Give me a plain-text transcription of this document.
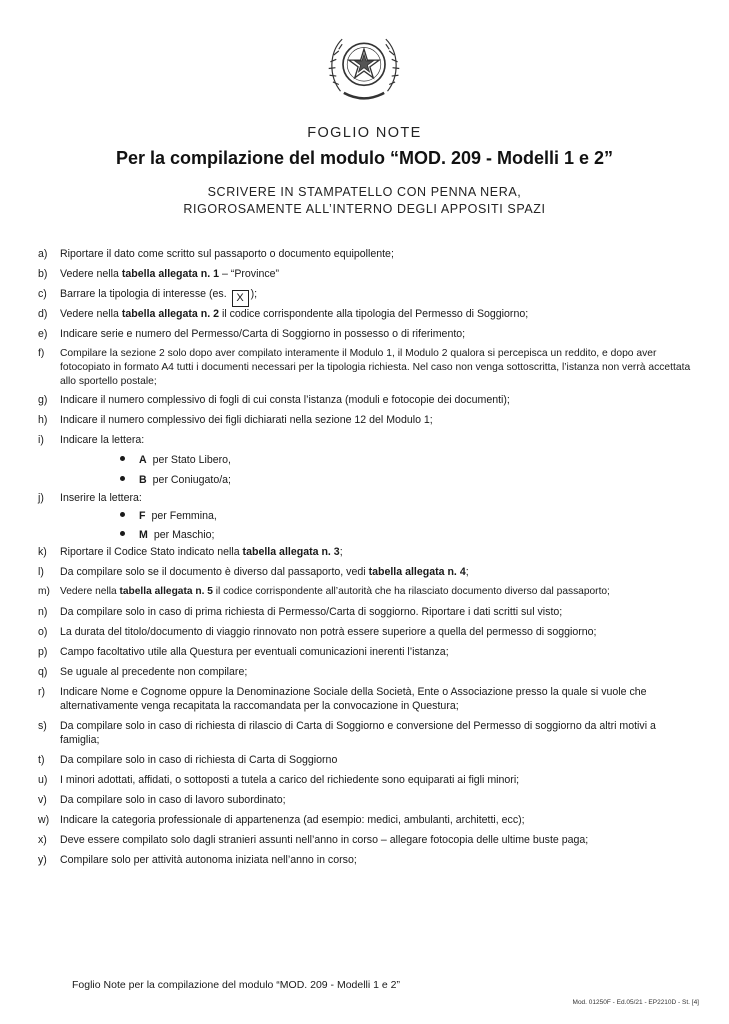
FOGLIO NOTE
Per la compilazione del modulo “MOD. 209 - Modelli 1 e 2”
SCRIVERE IN STAMPATELLO CON PENNA NERA,
RIGOROSAMENTE ALL’INTERNO DEGLI APPOSITI SPAZI
a) Riportare il dato come scritto sul passaporto o documento equipollente;
b) Vedere nella tabella allegata n. 1 – “Province”
c) Barrare la tipologia di interesse (es. X );
d) Vedere nella tabella allegata n. 2 il codice corrispondente alla tipologia del Permesso di Soggiorno;
e) Indicare serie e numero del Permesso/Carta di Soggiorno in possesso o di riferimento;
f) Compilare la sezione 2 solo dopo aver compilato interamente il Modulo 1, il Modulo 2 qualora si percepisca un reddito, e dopo aver fotocopiato in formato A4 tutti i documenti necessari per la tipologia richiesta. Nel caso non venga sottoscritta, l’istanza non verrà accettata allo sportello postale;
g) Indicare il numero complessivo di fogli di cui consta l’istanza (moduli e fotocopie dei documenti);
h) Indicare il numero complessivo dei figli dichiarati nella sezione 12 del Modulo 1;
i) Indicare la lettera:
A per Stato Libero,
B per Coniugato/a;
j) Inserire la lettera:
F per Femmina,
M per Maschio;
k) Riportare il Codice Stato indicato nella tabella allegata n. 3;
l) Da compilare solo se il documento è diverso dal passaporto, vedi tabella allegata n. 4;
m) Vedere nella tabella allegata n. 5 il codice corrispondente all’autorità che ha rilasciato documento diverso dal passaporto;
n) Da compilare solo in caso di prima richiesta di Permesso/Carta di soggiorno. Riportare i dati scritti sul visto;
o) La durata del titolo/documento di viaggio rinnovato non potrà essere superiore a quella del permesso di soggiorno;
p) Campo facoltativo utile alla Questura per eventuali comunicazioni inerenti l’istanza;
q) Se uguale al precedente non compilare;
r) Indicare Nome e Cognome oppure la Denominazione Sociale della Società, Ente o Associazione presso la quale si vuole che alternativamente venga recapitata la raccomandata per la convocazione in Questura;
s) Da compilare solo in caso di richiesta di rilascio di Carta di Soggiorno e conversione del Permesso di soggiorno da altri motivi a famiglia;
t) Da compilare solo in caso di richiesta di Carta di Soggiorno
u) I minori adottati, affidati, o sottoposti a tutela a carico del richiedente sono equiparati ai figli minori;
v) Da compilare solo in caso di lavoro subordinato;
w) Indicare la categoria professionale di appartenenza (ad esempio: medici, ambulanti, architetti, ecc);
x) Deve essere compilato solo dagli stranieri assunti nell’anno in corso – allegare fotocopia delle ultime buste paga;
y) Compilare solo per attività autonoma iniziata nell’anno in corso;
Foglio Note per la compilazione del modulo “MOD. 209 - Modelli 1 e 2”
Mod. 01250F - Ed.05/21 - EP2210D - St. [4]
